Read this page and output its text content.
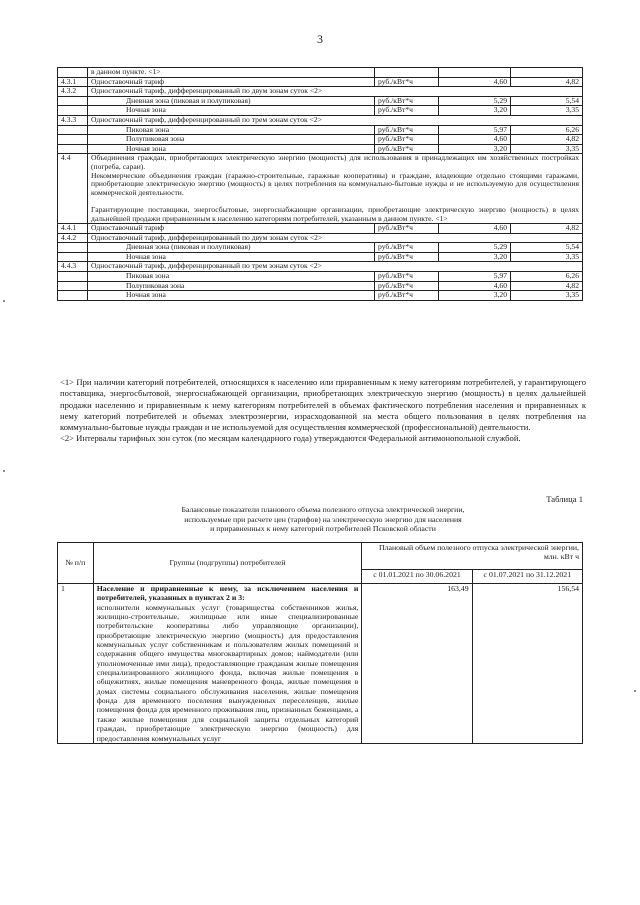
3
	в данном пункте. <1>			
4.3.1	Одноставочный тариф	руб./кВт*ч	4,60	4,82
4.3.2	Одноставочный тариф, дифференцированный по двум зонам суток <2>			
	Дневная зона (пиковая и полупиковая)	руб./кВт*ч	5,29	5,54
	Ночная зона	руб./кВт*ч	3,20	3,35
4.3.3	Одноставочный тариф, дифференцированный по трем зонам суток <2>			
	Пиковая зона	руб./кВт*ч	5,97	6,26
	Полупиковая зона	руб./кВт*ч	4,60	4,82
	Ночная зона	руб./кВт*ч	3,20	3,35
4.4	Объединения граждан, приобретающих электрическую энергию (мощность) для использования в принадлежащих им хозяйственных постройках (погреба, сараи).
Некоммерческие объединения граждан (гаражно-строительные, гаражные кооперативы) и граждане, владеющие отдельно стоящими гаражами, приобретающие электрическую энергию (мощность) в целях потребления на коммунально-бытовые нужды и не используемую для осуществления коммерческой деятельности.
Гарантирующие поставщики, энергосбытовые, энергоснабжающие организации, приобретающие электрическую энергию (мощность) в целях дальнейшей продажи приравненным к населению категориям потребителей, указанным в данном пункте. <1>			

4.4.1	Одноставочный тариф	руб./кВт*ч	4,60	4,82
4.4.2	Одноставочный тариф, дифференцированный по двум зонам суток <2>			
	Дневная зона (пиковая и полупиковая)	руб./кВт*ч	5,29	5,54
	Ночная зона	руб./кВт*ч	3,20	3,35
4.4.3	Одноставочный тариф, дифференцированный по трем зонам суток <2>			
	Пиковая зона	руб./кВт*ч	5,97	6,26
	Полупиковая зона	руб./кВт*ч	4,60	4,82
	Ночная зона	руб./кВт*ч	3,20	3,35

<1> При наличии категорий потребителей, относящихся к населению или приравненным к нему категориям потребителей, у гарантирующего поставщика, энергосбытовой, энергоснабжающей организации, приобретающих электрическую энергию (мощность) в целях дальнейшей продажи населению и приравненным к нему категориям потребителей в объемах фактического потребления населения и приравненных к нему категорий потребителей и объемах электроэнергии, израсходованной на места общего пользования в целях потребления на коммунально-бытовые нужды граждан и не используемой для осуществления коммерческой (профессиональной) деятельности.

<2> Интервалы тарифных зон суток (по месяцам календарного года) утверждаются Федеральной антимонопольной службой.

Таблица 1
Балансовые показатели планового объема полезного отпуска электрической энергии,
используемые при расчете цен (тарифов) на электрическую энергию для населения
и приравненных к нему категорий потребителей Псковской области
№ п/п	Группы (подгруппы) потребителей	Плановый объем полезного отпуска электрической энергии, млн. кВт ч	
		с 01.01.2021 по 30.06.2021	с 01.07.2021 по 31.12.2021
1	Население и приравненные к нему, за исключением населения и потребителей, указанных в пунктах 2 и 3:
исполнители коммунальных услуг (товарищества собственников жилья, жилищно-строительные, жилищные или иные специализированные потребительские кооперативы либо управляющие организации), приобретающие электрическую энергию (мощность) для предоставления коммунальных услуг собственникам и пользователям жилых помещений и содержания общего имущества многоквартирных домов; наймодатели (или уполномоченные ими лица), предоставляющие гражданам жилые помещения специализированного жилищного фонда, включая жилые помещения в общежитиях, жилые помещения маневренного фонда, жилые помещения в домах системы социального обслуживания населения, жилые помещения фонда для временного поселения вынужденных переселенцев, жилые помещения фонда для временного проживания лиц, признанных беженцами, а также жилые помещения для социальной защиты отдельных категорий граждан, приобретающие электрическую энергию (мощность) для предоставления коммунальных услуг	163,49	156,54
